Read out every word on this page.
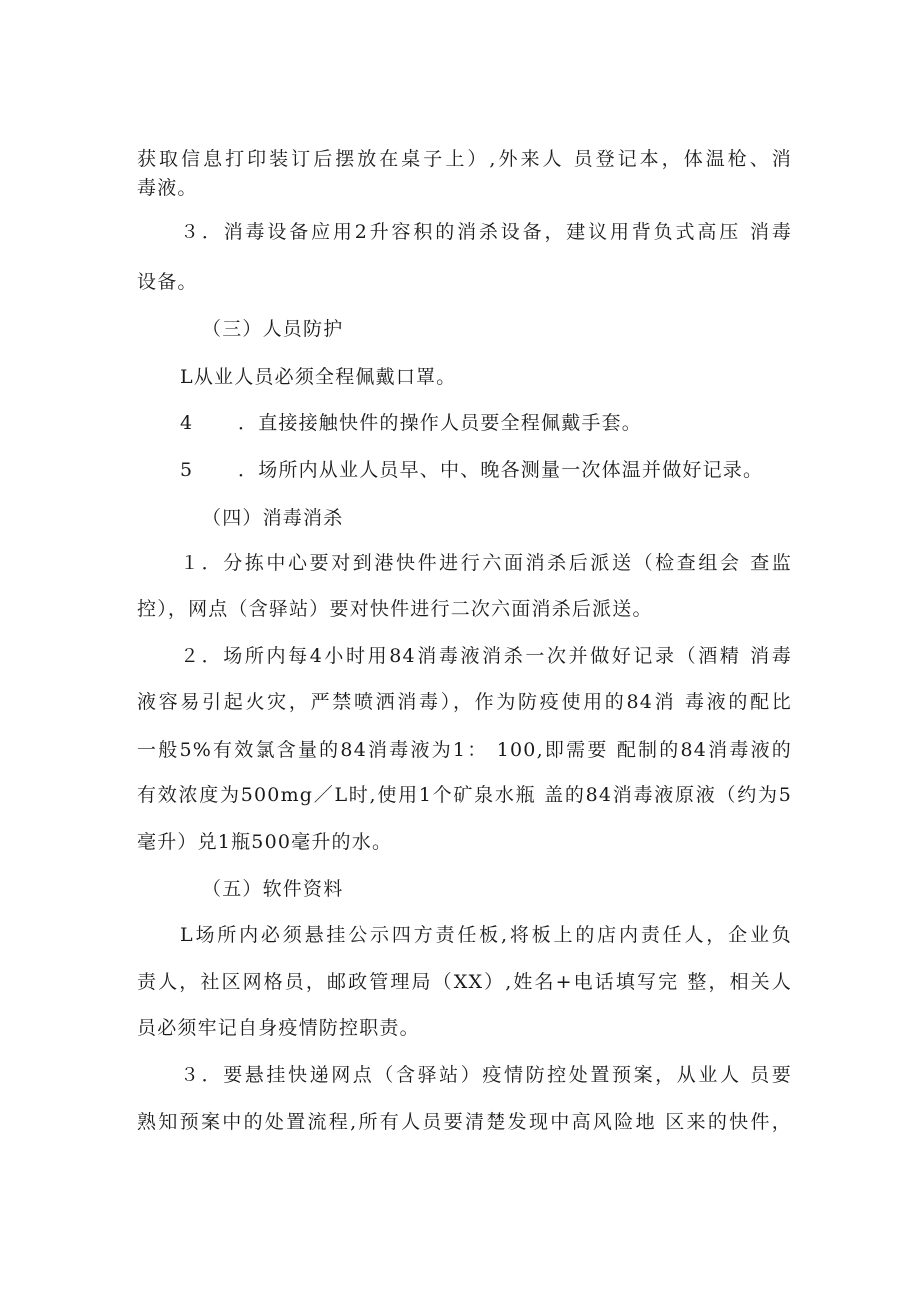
获取信息打印装订后摆放在桌子上）,外来人 员登记本，体温枪、消
毒液。
３．消毒设备应用2升容积的消杀设备，建议用背负式高压 消毒
设备。
（三）人员防护
L从业人员必须全程佩戴口罩。
4 ．直接接触快件的操作人员要全程佩戴手套。
5 ．场所内从业人员早、中、晚各测量一次体温并做好记录。
（四）消毒消杀
１．分拣中心要对到港快件进行六面消杀后派送（检查组会 查监
控），网点（含驿站）要对快件进行二次六面消杀后派送。
２．场所内每4小时用84消毒液消杀一次并做好记录（酒精 消毒
液容易引起火灾，严禁喷洒消毒），作为防疫使用的84消 毒液的配比
一般5%有效氯含量的84消毒液为1： 100,即需要 配制的84消毒液的
有效浓度为500mg／L时,使用1个矿泉水瓶 盖的84消毒液原液（约为5
毫升）兑1瓶500毫升的水。
（五）软件资料
L场所内必须悬挂公示四方责任板,将板上的店内责任人，企业负
责人，社区网格员，邮政管理局（XX）,姓名+电话填写完 整，相关人
员必须牢记自身疫情防控职责。
３．要悬挂快递网点（含驿站）疫情防控处置预案，从业人 员要
熟知预案中的处置流程,所有人员要清楚发现中高风险地 区来的快件，
